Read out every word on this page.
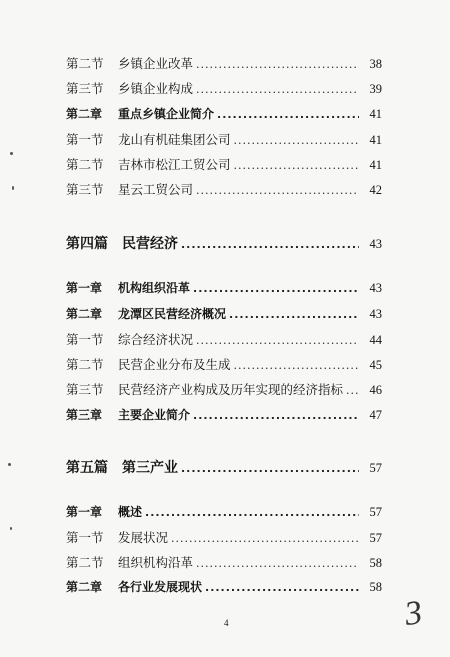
第二节	乡镇企业改革 .....	38
第三节	乡镇企业构成 .....	39
第二章	重点乡镇企业简介 .....	41
第一节	龙山有机硅集团公司 .....	41
第二节	吉林市松江工贸公司 .....	41
第三节	星云工贸公司 .....	42
第四篇	民营经济 .....	43
第一章	机构组织沿革 .....	43
第二章	龙潭区民营经济概况 .....	43
第一节	综合经济状况 .....	44
第二节	民营企业分布及生成 .....	45
第三节	民营经济产业构成及历年实现的经济指标 .....	46
第三章	主要企业简介 .....	47
第五篇	第三产业 .....	57
第一章	概述 .....	57
第一节	发展状况 .....	57
第二节	组织机构沿革 .....	58
第二章	各行业发展现状 .....	58
4	3
